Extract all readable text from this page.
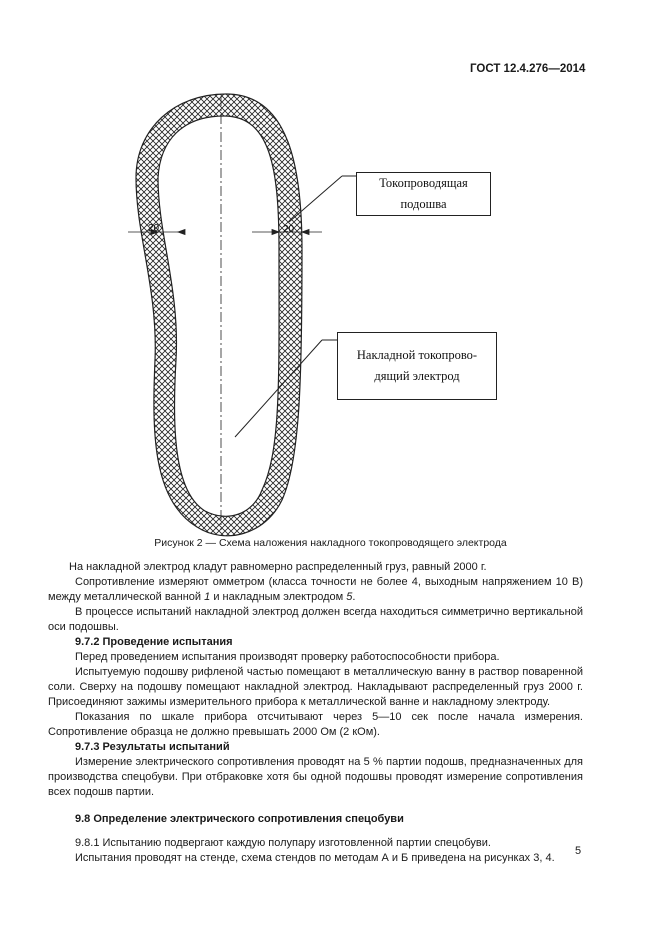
ГОСТ 12.4.276—2014
Токопроводящая
подошва
Накладной токопрово-
дящий электрод
20	20
Рисунок 2 — Схема наложения накладного токопроводящего электрода

На накладной электрод кладут равномерно распределенный груз, равный 2000 г.

Сопротивление измеряют омметром (класса точности не более 4, выходным напряжением 10 В) между металлической ванной 1 и накладным электродом 5.

В процессе испытаний накладной электрод должен всегда находиться симметрично вертикальной оси подошвы.

9.7.2 Проведение испытания

Перед проведением испытания производят проверку работоспособности прибора.

Испытуемую подошву рифленой частью помещают в металлическую ванну в раствор поваренной соли. Сверху на подошву помещают накладной электрод. Накладывают распределенный груз 2000 г. Присоединяют зажимы измерительного прибора к металлической ванне и накладному электроду.

Показания по шкале прибора отсчитывают через 5—10 сек после начала измерения. Сопротивление образца не должно превышать 2000 Ом (2 кОм).

9.7.3 Результаты испытаний

Измерение электрического сопротивления проводят на 5 % партии подошв, предназначенных для производства спецобуви. При отбраковке хотя бы одной подошвы проводят измерение сопротивления всех подошв партии.

9.8 Определение электрического сопротивления спецобуви

9.8.1 Испытанию подвергают каждую полупару изготовленной партии спецобуви.

Испытания проводят на стенде, схема стендов по методам А и Б приведена на рисунках 3, 4.

5
